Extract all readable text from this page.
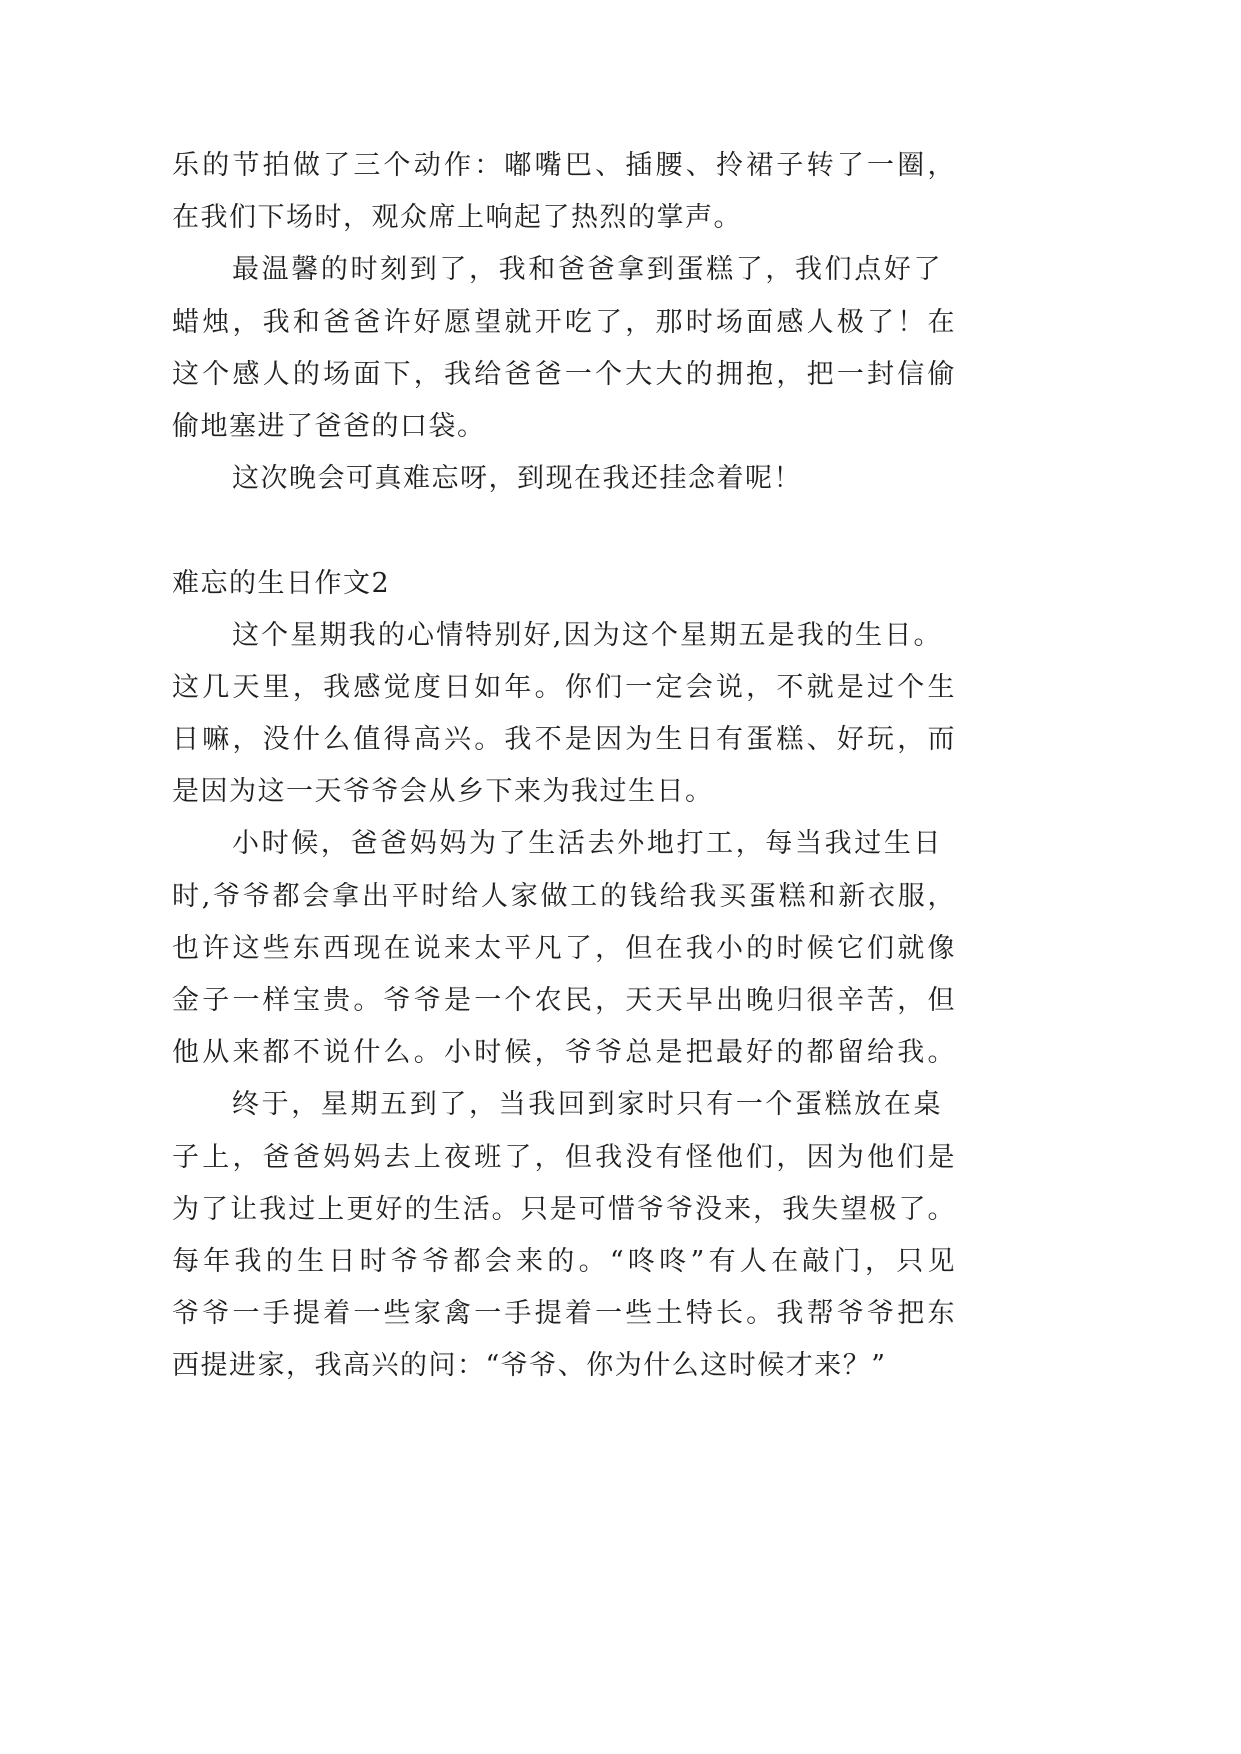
乐的节拍做了三个动作：嘟嘴巴、插腰、拎裙子转了一圈，
在我们下场时，观众席上响起了热烈的掌声。
最温馨的时刻到了，我和爸爸拿到蛋糕了，我们点好了
蜡烛，我和爸爸许好愿望就开吃了，那时场面感人极了！在
这个感人的场面下，我给爸爸一个大大的拥抱，把一封信偷
偷地塞进了爸爸的口袋。
这次晚会可真难忘呀，到现在我还挂念着呢！
难忘的生日作文2
这个星期我的心情特别好,因为这个星期五是我的生日。
这几天里，我感觉度日如年。你们一定会说，不就是过个生
日嘛，没什么值得高兴。我不是因为生日有蛋糕、好玩，而
是因为这一天爷爷会从乡下来为我过生日。
小时候，爸爸妈妈为了生活去外地打工，每当我过生日
时,爷爷都会拿出平时给人家做工的钱给我买蛋糕和新衣服，
也许这些东西现在说来太平凡了，但在我小的时候它们就像
金子一样宝贵。爷爷是一个农民，天天早出晚归很辛苦，但
他从来都不说什么。小时候，爷爷总是把最好的都留给我。
终于，星期五到了，当我回到家时只有一个蛋糕放在桌
子上，爸爸妈妈去上夜班了，但我没有怪他们，因为他们是
为了让我过上更好的生活。只是可惜爷爷没来，我失望极了。
每年我的生日时爷爷都会来的。“咚咚”有人在敲门，只见
爷爷一手提着一些家禽一手提着一些土特长。我帮爷爷把东
西提进家，我高兴的问：“爷爷、你为什么这时候才来？”
